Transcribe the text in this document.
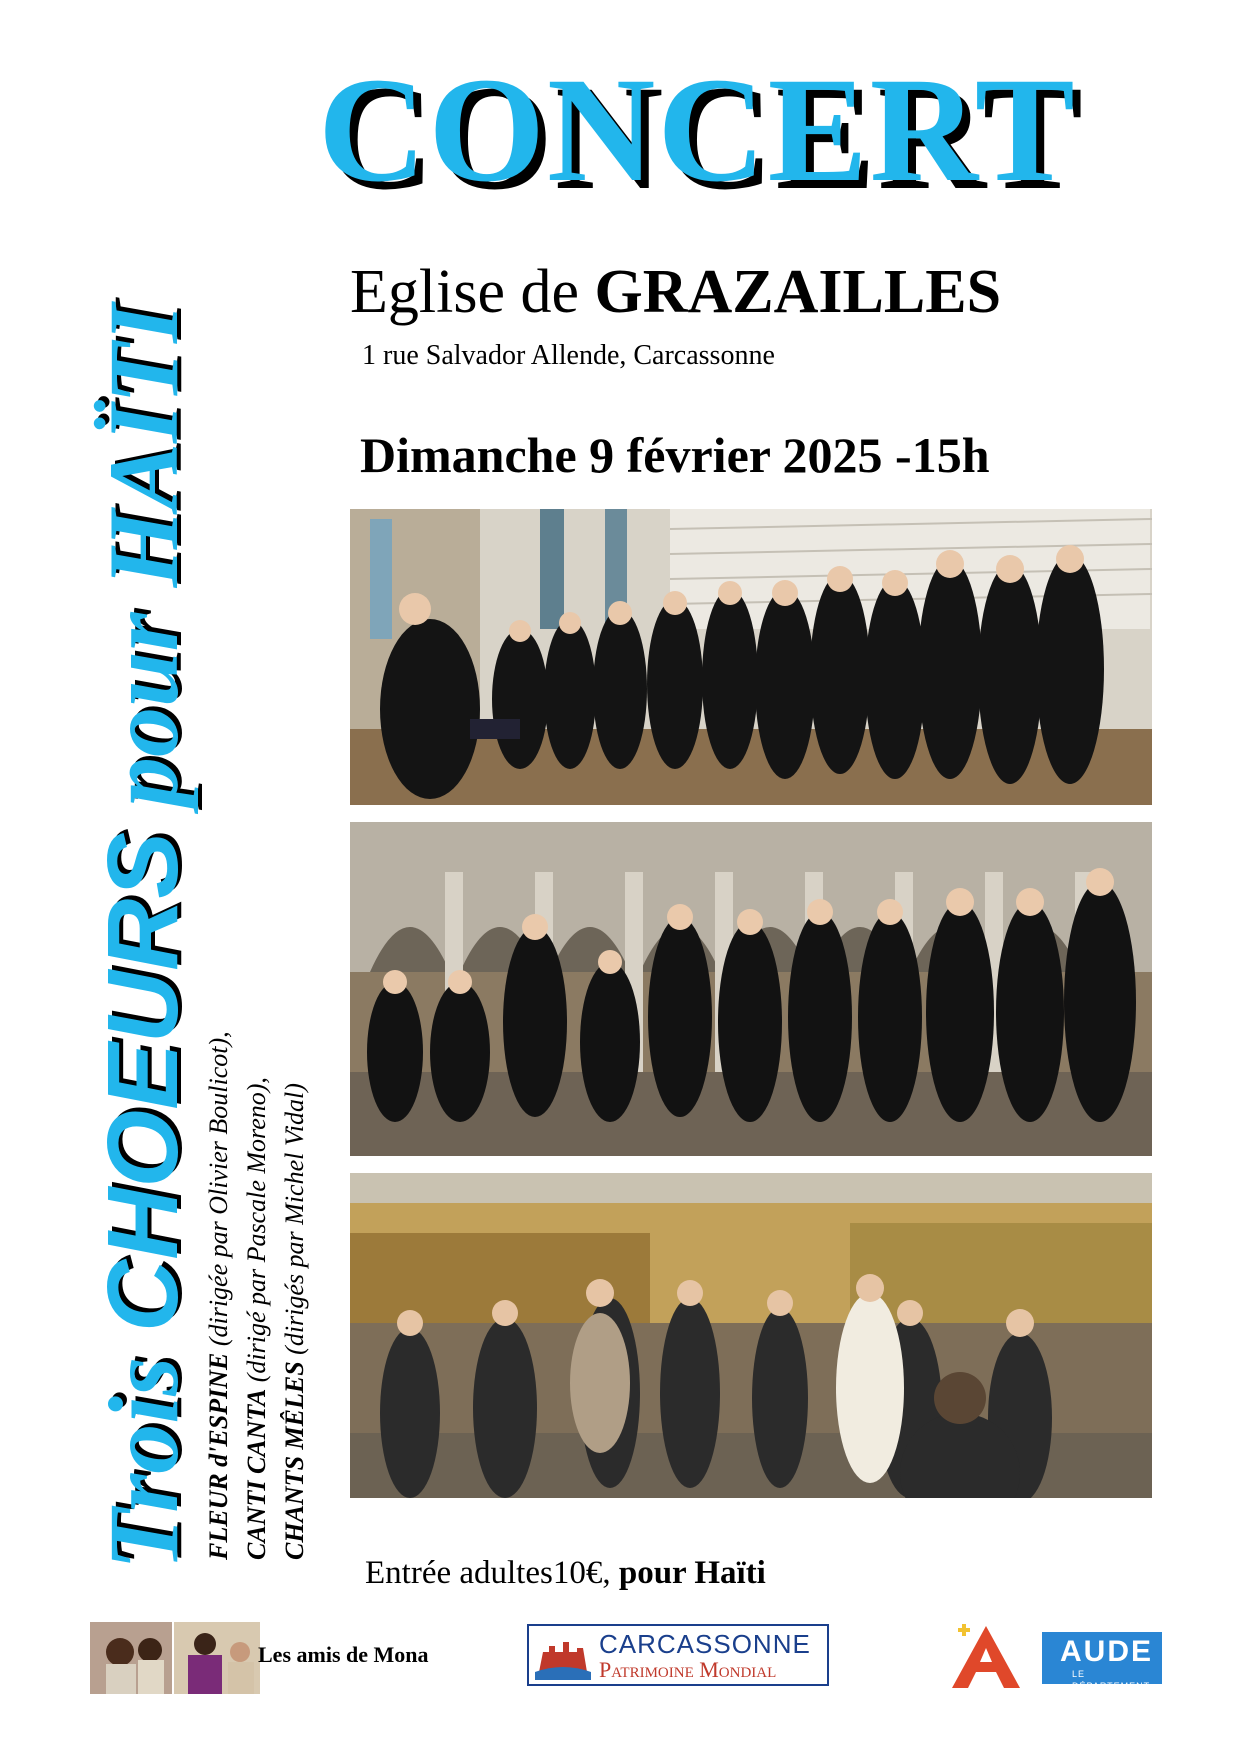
CONCERT
Eglise de GRAZAILLES
1 rue Salvador Allende, Carcassonne
Dimanche 9 février 2025 -15h
Trois CHOEURS pour HAÏTI
FLEUR d'ESPINE (dirigée par Olivier Boulicot),
CANTI CANTA (dirigé par Pascale Moreno),
CHANTS MÊLES (dirigés par Michel Vidal)
Entrée adultes10€, pour Haïti
Les amis de Mona	CARCASSONNE
Patrimoine Mondial
AUDE
LE DÉPARTEMENT
